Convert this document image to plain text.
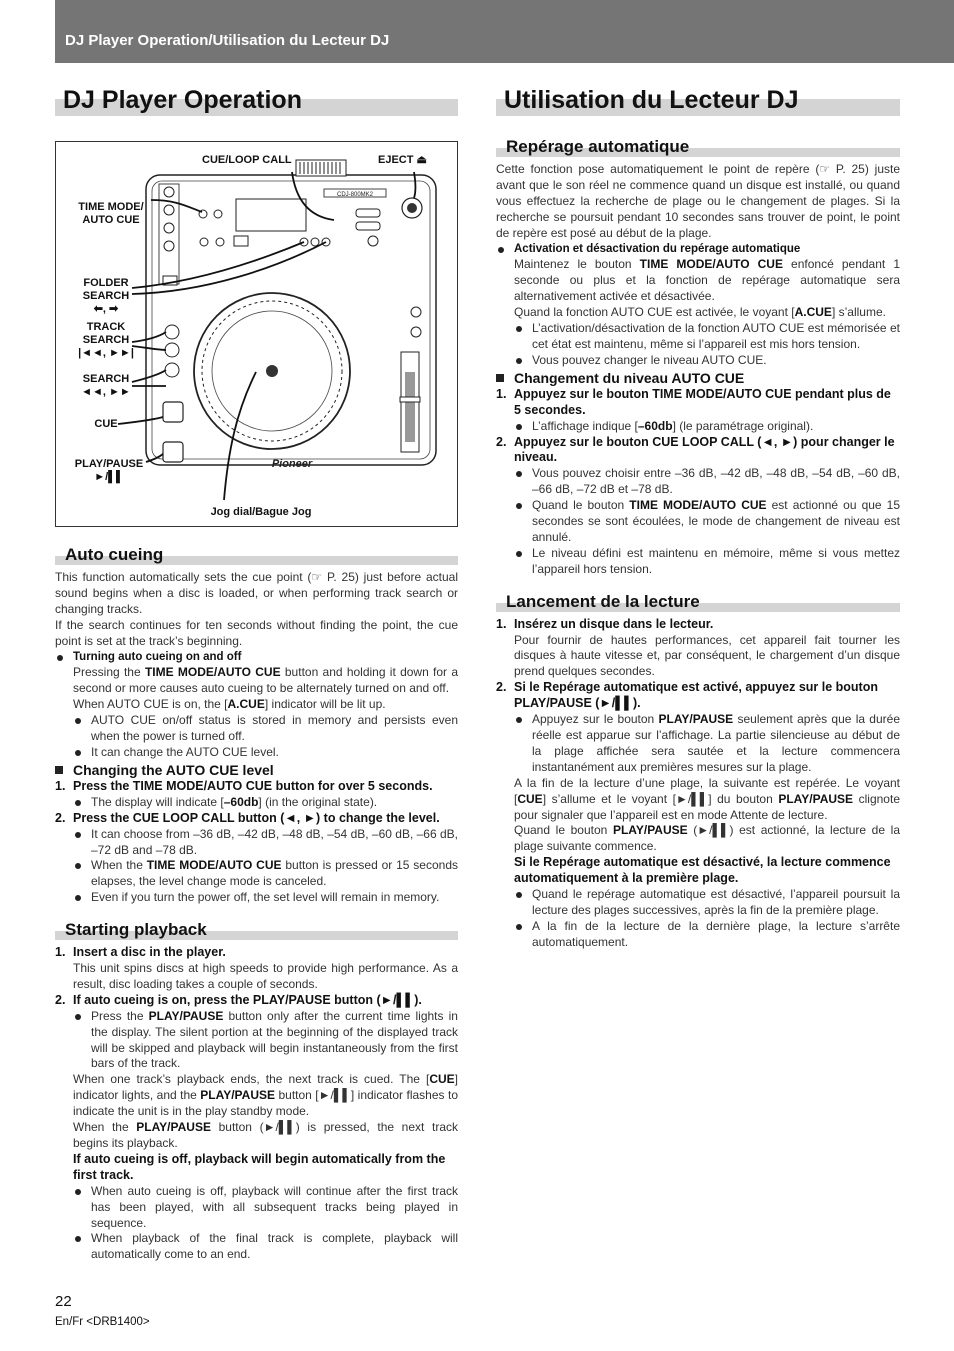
DJ Player Operation/Utilisation du Lecteur DJ
DJ Player Operation	Utilisation du Lecteur DJ
CDJ-800MK2
Pioneer
CUE/LOOP CALL	EJECT ⏏
TIME MODE/
AUTO CUE
FOLDER
SEARCH
⬅, ➡
TRACK
SEARCH
|◄◄, ►►|
SEARCH
◄◄, ►►
CUE
PLAY/PAUSE
►/▌▌
Jog dial/Bague Jog
Auto cueing

This function automatically sets the cue point (☞ P. 25) just before actual sound begins when a disc is loaded, or when performing track search or changing tracks.

If the search continues for ten seconds without finding the point, the cue point is set at the track’s beginning.

Turning auto cueing on and off

Pressing the TIME MODE/AUTO CUE button and holding it down for a second or more causes auto cueing to be alternately turned on and off.

When AUTO CUE is on, the [A.CUE] indicator will be lit up.

AUTO CUE on/off status is stored in memory and persists even when the power is turned off.

It can change the AUTO CUE level.

Changing the AUTO CUE level

1. Press the TIME MODE/AUTO CUE button for over 5 seconds.

The display will indicate [–60db] (in the original state).

2. Press the CUE LOOP CALL button (◄, ►) to change the level.

It can choose from –36 dB, –42 dB, –48 dB, –54 dB, –60 dB, –66 dB, –72 dB and –78 dB.

When the TIME MODE/AUTO CUE button is pressed or 15 seconds elapses, the level change mode is canceled.

Even if you turn the power off, the set level will remain in memory.

Starting playback

1. Insert a disc in the player.

This unit spins discs at high speeds to provide high performance. As a result, disc loading takes a couple of seconds.

2. If auto cueing is on, press the PLAY/PAUSE button (►/▌▌).

Press the PLAY/PAUSE button only after the current time lights in the display. The silent portion at the beginning of the displayed track will be skipped and playback will begin instantaneously from the first bars of the track.

When one track’s playback ends, the next track is cued. The [CUE] indicator lights, and the PLAY/PAUSE button [►/▌▌] indicator flashes to indicate the unit is in the play standby mode.

When the PLAY/PAUSE button (►/▌▌) is pressed, the next track begins its playback.

If auto cueing is off, playback will begin automatically from the first track.

When auto cueing is off, playback will continue after the first track has been played, with all subsequent tracks being played in sequence.

When playback of the final track is complete, playback will automatically come to an end.

Repérage automatique

Cette fonction pose automatiquement le point de repère (☞ P. 25) juste avant que le son réel ne commence quand un disque est installé, ou quand vous effectuez la recherche de plage ou le changement de plages. Si la recherche se poursuit pendant 10 secondes sans trouver de point, le point de repère est posé au début de la plage.

Activation et désactivation du repérage automatique

Maintenez le bouton TIME MODE/AUTO CUE enfoncé pendant 1 seconde ou plus et la fonction de repérage automatique sera alternativement activée et désactivée.

Quand la fonction AUTO CUE est activée, le voyant [A.CUE] s’allume.

L’activation/désactivation de la fonction AUTO CUE est mémorisée et cet état est maintenu, même si l’appareil est mis hors tension.

Vous pouvez changer le niveau AUTO CUE.

Changement du niveau AUTO CUE

1. Appuyez sur le bouton TIME MODE/AUTO CUE pendant plus de 5 secondes.

L’affichage indique [–60db] (le paramétrage original).

2. Appuyez sur le bouton CUE LOOP CALL (◄, ►) pour changer le niveau.

Vous pouvez choisir entre –36 dB, –42 dB, –48 dB, –54 dB, –60 dB, –66 dB, –72 dB et –78 dB.

Quand le bouton TIME MODE/AUTO CUE est actionné ou que 15 secondes se sont écoulées, le mode de changement de niveau est annulé.

Le niveau défini est maintenu en mémoire, même si vous mettez l’appareil hors tension.

Lancement de la lecture

1. Insérez un disque dans le lecteur.

Pour fournir de hautes performances, cet appareil fait tourner les disques à haute vitesse et, par conséquent, le chargement d’un disque prend quelques secondes.

2. Si le Repérage automatique est activé, appuyez sur le bouton PLAY/PAUSE (►/▌▌).

Appuyez sur le bouton PLAY/PAUSE seulement après que la durée réelle est apparue sur l’affichage. La partie silencieuse au début de la plage affichée sera sautée et la lecture commencera instantanément aux premières mesures sur la plage.

A la fin de la lecture d’une plage, la suivante est repérée. Le voyant [CUE] s’allume et le voyant [►/▌▌] du bouton PLAY/PAUSE clignote pour signaler que l’appareil est en mode Attente de lecture.

Quand le bouton PLAY/PAUSE (►/▌▌) est actionné, la lecture de la plage suivante commence.

Si le Repérage automatique est désactivé, la lecture commence automatiquement à la première plage.

Quand le repérage automatique est désactivé, l’appareil poursuit la lecture des plages successives, après la fin de la première plage.

A la fin de la lecture de la dernière plage, la lecture s’arrête automatiquement.

22
En/Fr <DRB1400>
